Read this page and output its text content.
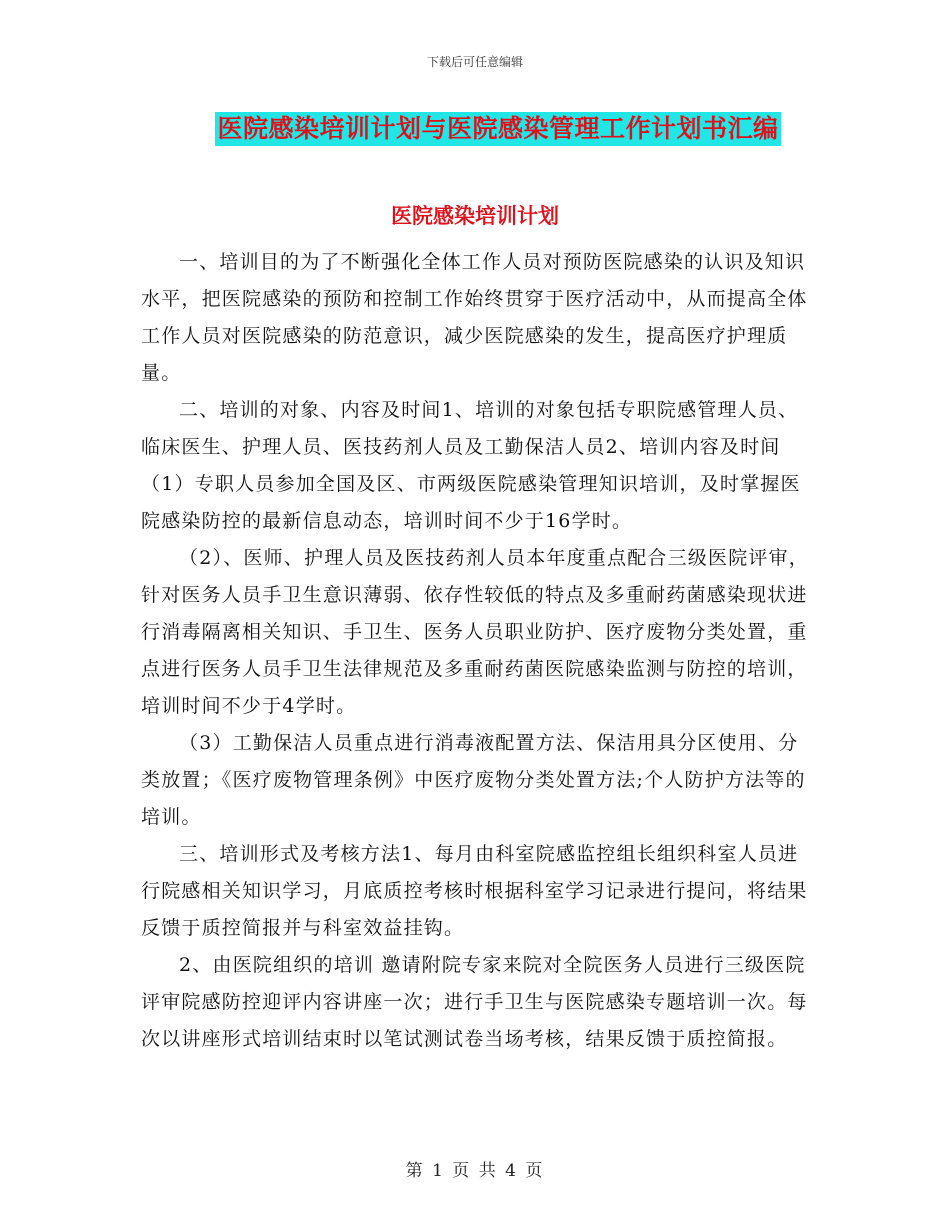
下载后可任意编辑
医院感染培训计划与医院感染管理工作计划书汇编
医院感染培训计划

一、培训目的为了不断强化全体工作人员对预防医院感染的认识及知识水平，把医院感染的预防和控制工作始终贯穿于医疗活动中，从而提高全体工作人员对医院感染的防范意识，减少医院感染的发生，提高医疗护理质量。

二、培训的对象、内容及时间1、培训的对象包括专职院感管理人员、临床医生、护理人员、医技药剂人员及工勤保洁人员2、培训内容及时间（1）专职人员参加全国及区、市两级医院感染管理知识培训，及时掌握医院感染防控的最新信息动态，培训时间不少于16学时。

（2）、医师、护理人员及医技药剂人员本年度重点配合三级医院评审，针对医务人员手卫生意识薄弱、依存性较低的特点及多重耐药菌感染现状进行消毒隔离相关知识、手卫生、医务人员职业防护、医疗废物分类处置，重点进行医务人员手卫生法律规范及多重耐药菌医院感染监测与防控的培训，培训时间不少于4学时。

（3）工勤保洁人员重点进行消毒液配置方法、保洁用具分区使用、分类放置；《医疗废物管理条例》中医疗废物分类处置方法;个人防护方法等的培训。

三、培训形式及考核方法1、每月由科室院感监控组长组织科室人员进行院感相关知识学习，月底质控考核时根据科室学习记录进行提问，将结果反馈于质控简报并与科室效益挂钩。

2、由医院组织的培训 邀请附院专家来院对全院医务人员进行三级医院评审院感防控迎评内容讲座一次；进行手卫生与医院感染专题培训一次。每次以讲座形式培训结束时以笔试测试卷当场考核，结果反馈于质控简报。

第 1 页 共 4 页
